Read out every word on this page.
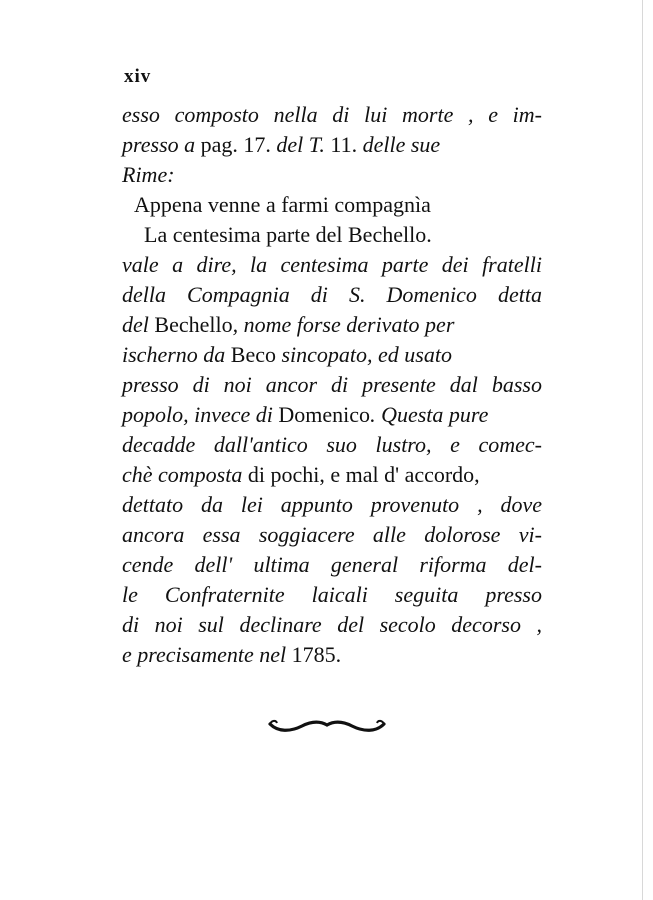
xiv
esso composto nella di lui morte , e im-
presso a pag. 17. del T. 11. delle sue
Rime:
Appena venne a farmi compagnìa
La centesima parte del Bechello.
vale a dire, la centesima parte dei fratelli
della Compagnia di S. Domenico detta
del Bechello , nome forse derivato per
ischerno da Beco sincopato, ed usato
presso di noi ancor di presente dal basso
popolo, invece di Domenico . Questa pure
decadde dall'antico suo lustro, e comec-
chè composta di pochi, e mal d' accordo,
dettato da lei appunto provenuto , dove
ancora essa soggiacere alle dolorose vi-
cende dell' ultima general riforma del-
le Confraternite laicali seguita presso
di noi sul declinare del secolo decorso ,
e precisamente nel 1785.
